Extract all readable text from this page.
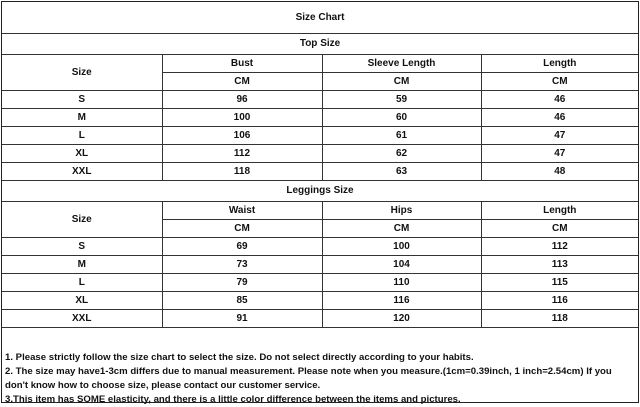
Size Chart			
Top Size			
Size	Bust	Sleeve Length	Length
	CM	CM	CM
S	96	59	46
M	100	60	46
L	106	61	47
XL	112	62	47
XXL	118	63	48
Leggings Size			
Size	Waist	Hips	Length
	CM	CM	CM
S	69	100	112
M	73	104	113
L	79	110	115
XL	85	116	116
XXL	91	120	118
1. Please strictly follow the size chart to select the size. Do not select directly according to your habits.
2. The size may have1-3cm differs due to manual measurement. Please note when you measure.(1cm=0.39inch, 1 inch=2.54cm) If you don't know how to choose size, please contact our customer service.
3.This item has SOME elasticity, and there is a little color difference between the items and pictures.
